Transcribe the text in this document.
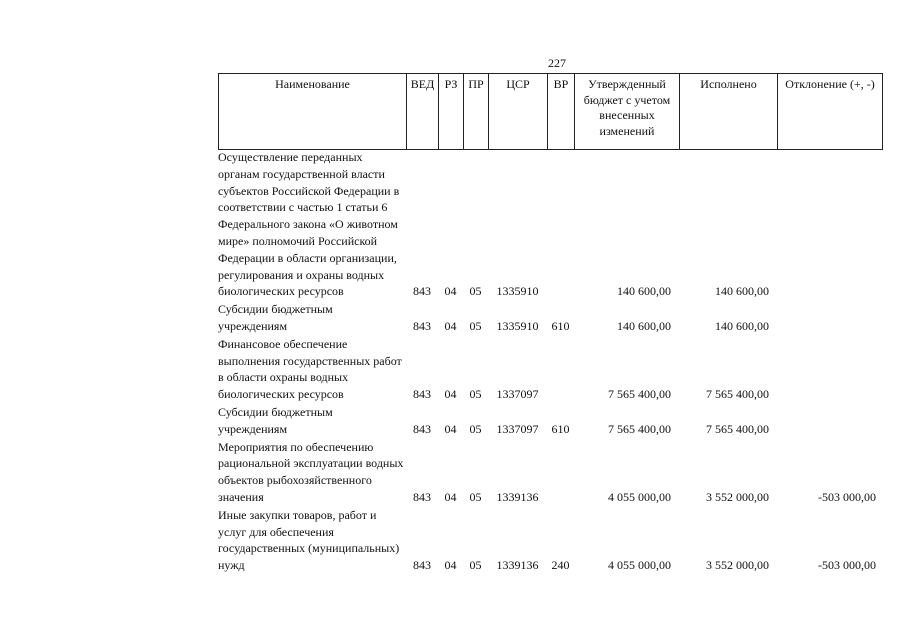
227
Наименование	ВЕД	РЗ	ПР	ЦСР	ВР	Утвержденный бюджет с учетом внесенных изменений	Исполнено	Отклонение (+, -)
Осуществление переданных органам государственной власти субъектов Российской Федерации в соответствии с частью 1 статьи 6 Федерального закона «О животном мире» полномочий Российской Федерации в области организации, регулирования и охраны водных биологических ресурсов	843	04	05	1335910		140 600,00	140 600,00	
Субсидии бюджетным учреждениям	843	04	05	1335910	610	140 600,00	140 600,00	
Финансовое обеспечение выполнения государственных работ в области охраны водных биологических ресурсов	843	04	05	1337097		7 565 400,00	7 565 400,00	
Субсидии бюджетным учреждениям	843	04	05	1337097	610	7 565 400,00	7 565 400,00	
Мероприятия по обеспечению рациональной эксплуатации водных объектов рыбохозяйственного значения	843	04	05	1339136		4 055 000,00	3 552 000,00	-503 000,00
Иные закупки товаров, работ и услуг для обеспечения государственных (муниципальных) нужд	843	04	05	1339136	240	4 055 000,00	3 552 000,00	-503 000,00
